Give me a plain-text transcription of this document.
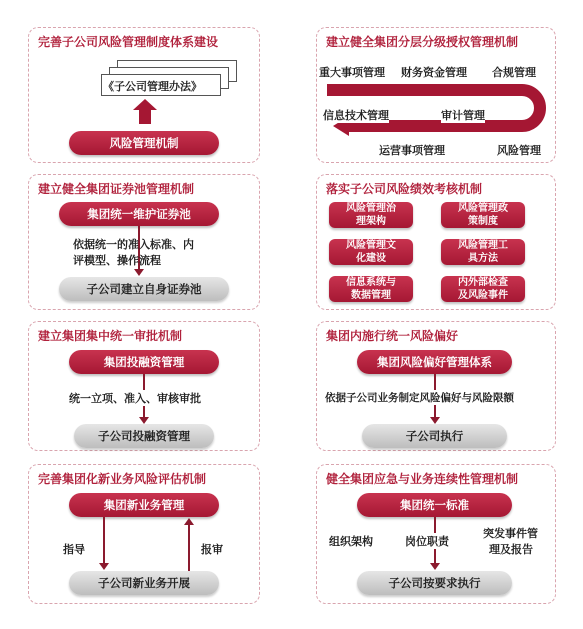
完善子公司风险管理制度体系建设
《子公司管理办法》
风险管理机制
建立健全集团证券池管理机制
集团统一维护证券池
依据统一的准入标准、内
评模型、操作流程
子公司建立自身证券池
建立集团集中统一审批机制
集团投融资管理
统一立项、准入、审核审批
子公司投融资管理
完善集团化新业务风险评估机制
集团新业务管理
指导	报审
子公司新业务开展
建立健全集团分层分级授权管理机制
重大事项管理 财务资金管理 合规管理
信息技术管理	审计管理
运营事项管理	风险管理
落实子公司风险绩效考核机制
风险管理治
理架构
风险管理政
策制度
风险管理文
化建设
风险管理工
具方法
信息系统与
数据管理
内外部检查
及风险事件
集团内施行统一风险偏好
集团风险偏好管理体系
依据子公司业务制定风险偏好与风险限额
子公司执行
健全集团应急与业务连续性管理机制
集团统一标准
组织架构	岗位职责
突发事件管
理及报告
子公司按要求执行
